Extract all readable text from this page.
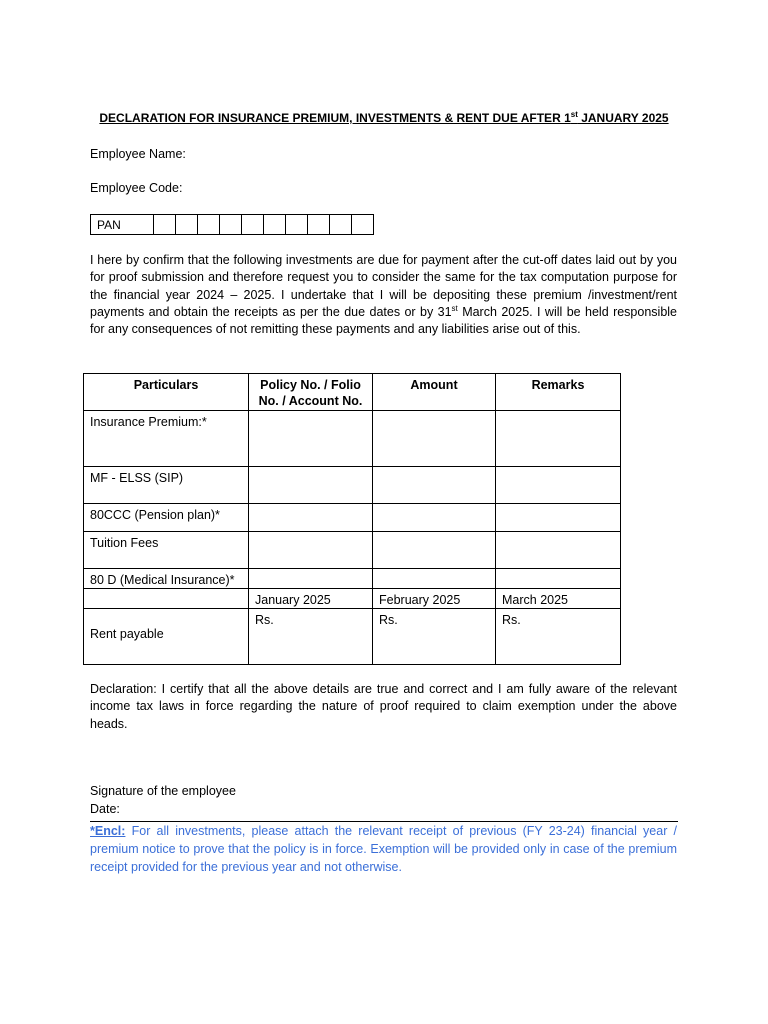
DECLARATION FOR INSURANCE PREMIUM, INVESTMENTS & RENT DUE AFTER 1st JANUARY 2025
Employee Name:
Employee Code:
PAN										

I here by confirm that the following investments are due for payment after the cut-off dates laid out by you for proof submission and therefore request you to consider the same for the tax computation purpose for the financial year 2024 – 2025. I undertake that I will be depositing these premium /investment/rent payments and obtain the receipts as per the due dates or by 31st March 2025. I will be held responsible for any consequences of not remitting these payments and any liabilities arise out of this.

Particulars	Policy No. / Folio No. / Account No.	Amount	Remarks
Insurance Premium:*			
MF - ELSS (SIP)			
80CCC (Pension plan)*			
Tuition Fees			
80 D (Medical Insurance)*			
	January 2025	February 2025	March 2025

Rent payable	Rs.	Rs.	Rs.

Declaration: I certify that all the above details are true and correct and I am fully aware of the relevant income tax laws in force regarding the nature of proof required to claim exemption under the above heads.

Signature of the employee
Date:

*Encl: For all investments, please attach the relevant receipt of previous (FY 23-24) financial year / premium notice to prove that the policy is in force. Exemption will be provided only in case of the premium receipt provided for the previous year and not otherwise.
